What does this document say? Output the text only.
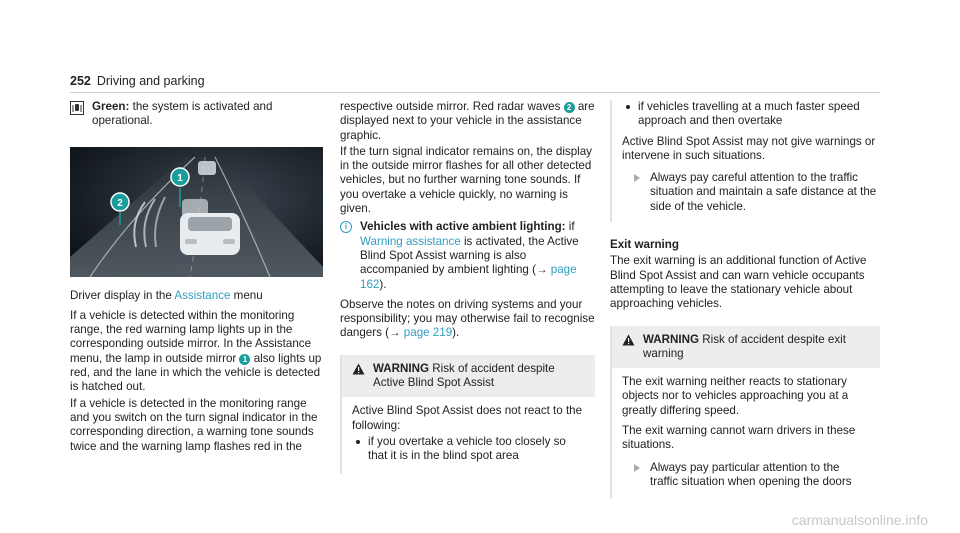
252 Driving and parking
Green: the system is activated and operational.
2
1

Driver display in the Assistance menu

If a vehicle is detected within the monitoring range, the red warning lamp lights up in the corresponding outside mirror. In the Assistance menu, the lamp in outside mirror 1 also lights up red, and the lane in which the vehicle is detected is hatched out.

If a vehicle is detected in the monitoring range and you switch on the turn signal indicator in the corresponding direction, a warning tone sounds twice and the warning lamp flashes red in the

respective outside mirror. Red radar waves 2 are displayed next to your vehicle in the assistance graphic.

If the turn signal indicator remains on, the display in the outside mirror flashes for all other detected vehicles, but no further warning tone sounds. If you overtake a vehicle quickly, no warning is given.

i	Vehicles with active ambient lighting: if
Warning assistance is activated, the Active Blind Spot Assist warning is also accompanied by ambient lighting (→ page 162).

Observe the notes on driving systems and your responsibility; you may otherwise fail to recognise dangers (→ page 219).

WARNING Risk of accident despite Active Blind Spot Assist

Active Blind Spot Assist does not react to the following:

if you overtake a vehicle too closely so that it is in the blind spot area
if vehicles travelling at a much faster speed approach and then overtake

Active Blind Spot Assist may not give warnings or intervene in such situations.

Always pay careful attention to the traffic situation and maintain a safe distance at the side of the vehicle.

Exit warning

The exit warning is an additional function of Active Blind Spot Assist and can warn vehicle occupants attempting to leave the stationary vehicle about approaching vehicles.

WARNING Risk of accident despite exit warning

The exit warning neither reacts to stationary objects nor to vehicles approaching you at a greatly differing speed.

The exit warning cannot warn drivers in these situations.

Always pay particular attention to the traffic situation when opening the doors
carmanualsonline.info
